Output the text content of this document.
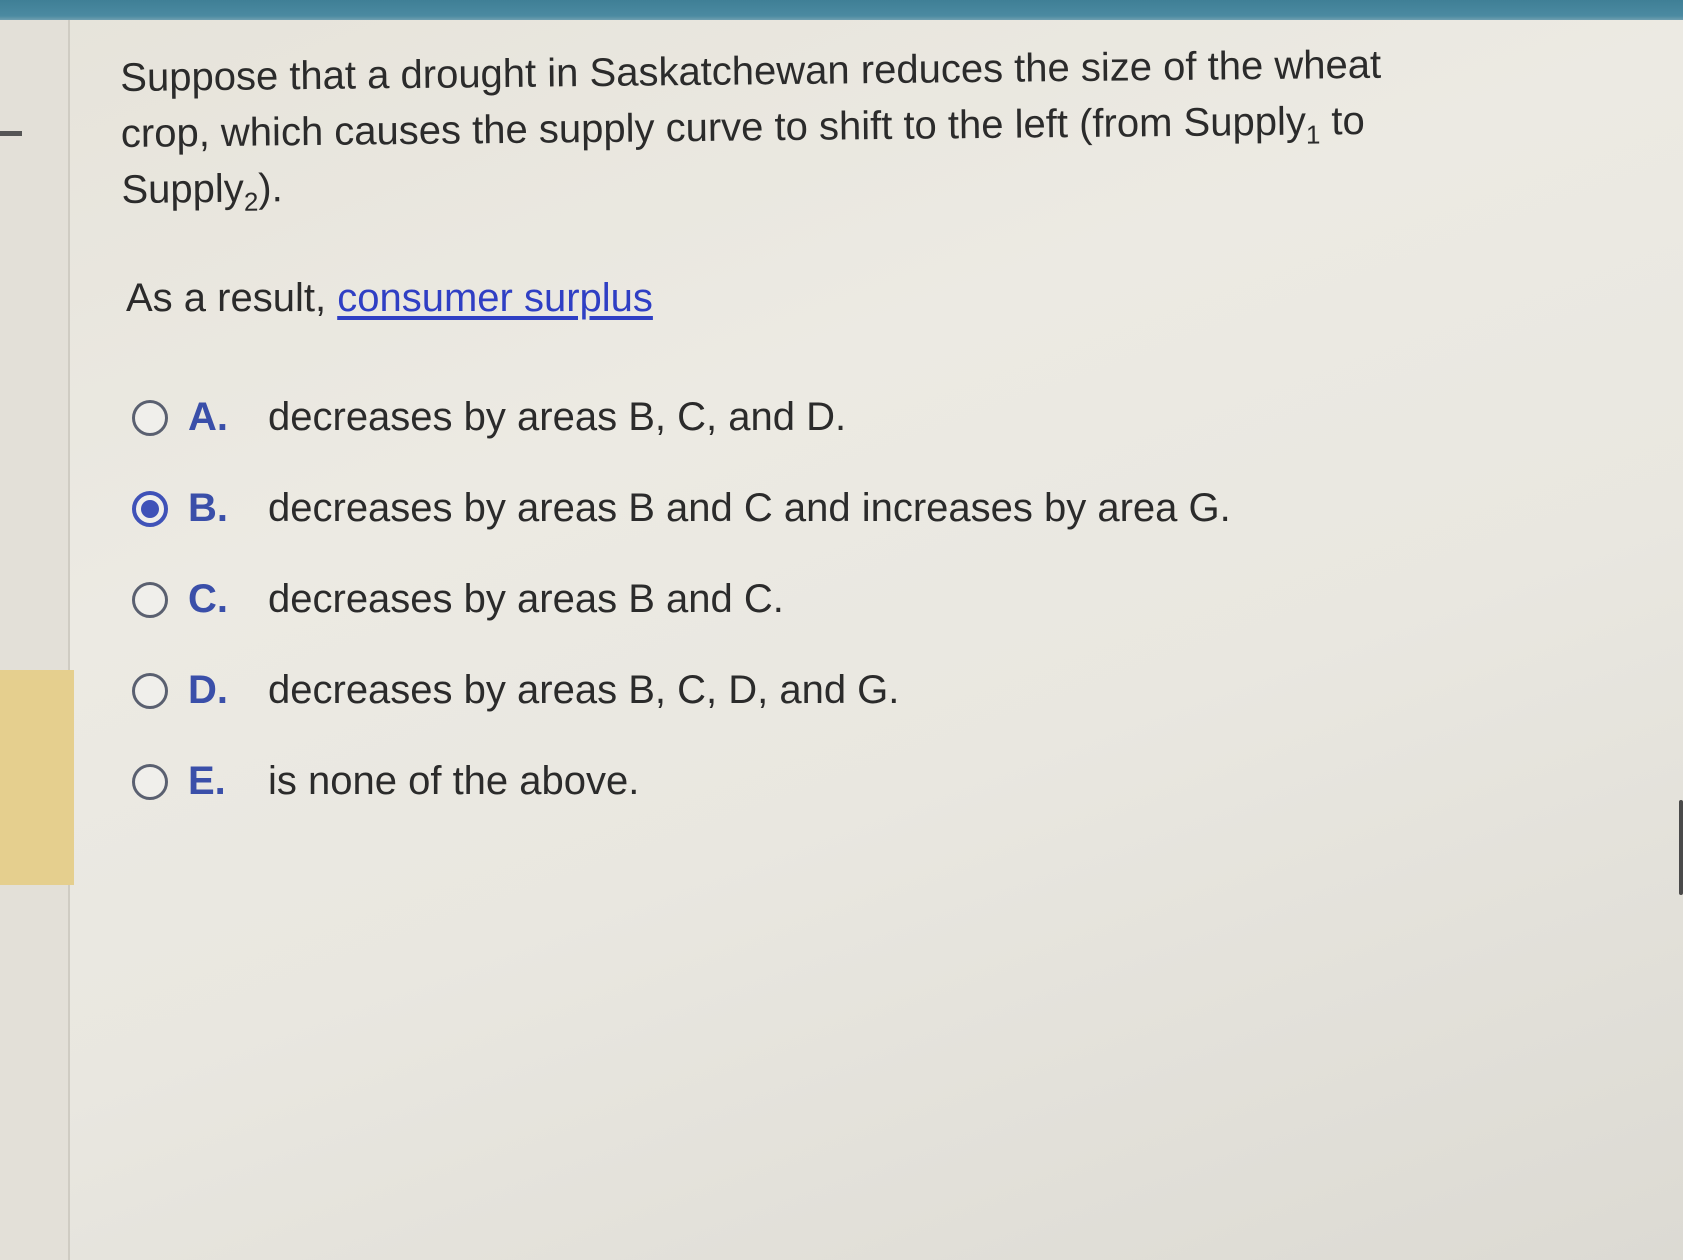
Suppose that a drought in Saskatchewan reduces the size of the wheat crop, which causes the supply curve to shift to the left (from Supply$_1$ to Supply$_2$).

As a result, consumer surplus

A.	decreases by areas B, C, and D.
B.	decreases by areas B and C and increases by area G.
C.	decreases by areas B and C.
D.	decreases by areas B, C, D, and G.
E.	is none of the above.
